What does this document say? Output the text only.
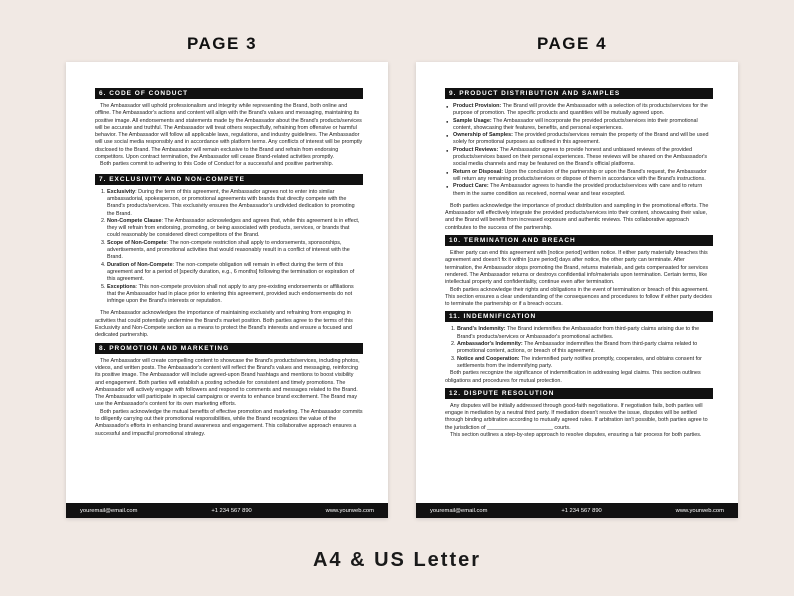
PAGE 3	PAGE 4
6. CODE OF CONDUCT

The Ambassador will uphold professionalism and integrity while representing the Brand, both online and offline. The Ambassador's actions and content will align with the Brand's values and messaging, maintaining its positive image. All endorsements and statements made by the Ambassador about the Brand's products/services will be accurate and truthful. The Ambassador will treat others respectfully, refraining from offensive or harmful behavior. The Ambassador will follow all applicable laws, regulations, and industry guidelines. The Ambassador will use social media responsibly and in accordance with platform terms. Any conflicts of interest will be promptly disclosed to the Brand. The Ambassador will remain exclusive to the Brand and refrain from endorsing competitors. Upon contract termination, the Ambassador will cease Brand-related activities promptly.

Both parties commit to adhering to this Code of Conduct for a successful and positive partnership.

7. EXCLUSIVITY AND NON-COMPETE
1. Exclusivity: During the term of this agreement, the Ambassador agrees not to enter into similar ambassadorial, spokesperson, or promotional agreements with brands that directly compete with the Brand's products/services. This exclusivity ensures the Ambassador's undivided dedication to promoting the Brand.
2. Non-Compete Clause: The Ambassador acknowledges and agrees that, while this agreement is in effect, they will refrain from endorsing, promoting, or being associated with products, services, or brands that could reasonably be considered direct competitors of the Brand.
3. Scope of Non-Compete: The non-compete restriction shall apply to endorsements, sponsorships, advertisements, and promotional activities that would reasonably result in a conflict of interest with the Brand.
4. Duration of Non-Compete: The non-compete obligation will remain in effect during the term of this agreement and for a period of [specify duration, e.g., 6 months] following the termination or expiration of this agreement.
5. Exceptions: This non-compete provision shall not apply to any pre-existing endorsements or affiliations that the Ambassador had in place prior to entering this agreement, provided such endorsements do not infringe upon the Brand's interests or reputation.

The Ambassador acknowledges the importance of maintaining exclusivity and refraining from engaging in activities that could potentially undermine the Brand's market position. Both parties agree to the terms of this Exclusivity and Non-Compete section as a means to protect the Brand's interests and ensure a focused and dedicated partnership.

8. PROMOTION AND MARKETING

The Ambassador will create compelling content to showcase the Brand's products/services, including photos, videos, and written posts. The Ambassador's content will reflect the Brand's values and messaging, reinforcing its positive image. The Ambassador will include agreed-upon Brand hashtags and mentions to boost visibility and engagement. Both parties will establish a posting schedule for consistent and timely promotions. The Ambassador will actively engage with followers and respond to comments and messages related to the Brand. The Ambassador will participate in special campaigns or events to enhance brand excitement. The Brand may use the Ambassador's content for its own marketing efforts.

Both parties acknowledge the mutual benefits of effective promotion and marketing. The Ambassador commits to diligently carrying out their promotional responsibilities, while the Brand recognizes the value of the Ambassador's efforts in enhancing brand awareness and engagement. This collaborative approach ensures a successful and impactful promotional strategy.

youremail@email.com	+1 234 567 890	www.yourweb.com
9. PRODUCT DISTRIBUTION AND SAMPLES
● Product Provision: The Brand will provide the Ambassador with a selection of its products/services for the purpose of promotion. The specific products and quantities will be mutually agreed upon.
● Sample Usage: The Ambassador will incorporate the provided products/services into their promotional content, showcasing their features, benefits, and personal experiences.
● Ownership of Samples: The provided products/services remain the property of the Brand and will be used solely for promotional purposes as outlined in this agreement.
● Product Reviews: The Ambassador agrees to provide honest and unbiased reviews of the provided products/services based on their personal experiences. These reviews will be shared on the Ambassador's social media channels and may be featured on the Brand's official platforms.
● Return or Disposal: Upon the conclusion of the partnership or upon the Brand's request, the Ambassador will return any remaining products/services or dispose of them in accordance with the Brand's instructions.
● Product Care: The Ambassador agrees to handle the provided products/services with care and to return them in the same condition as received, normal wear and tear excepted.

Both parties acknowledge the importance of product distribution and sampling in the promotional efforts. The Ambassador will effectively integrate the provided products/services into their content, showcasing their value, and the Brand will benefit from increased exposure and authentic reviews. This collaborative approach contributes to the success of the partnership.

10. TERMINATION AND BREACH

Either party can end this agreement with [notice period] written notice. If either party materially breaches this agreement and doesn't fix it within [cure period] days after notice, the other party can terminate. After termination, the Ambassador stops promoting the Brand, returns materials, and gets compensated for services rendered. The Ambassador returns or destroys confidential info/materials upon termination. Certain terms, like intellectual property and confidentiality, continue even after termination.

Both parties acknowledge their rights and obligations in the event of termination or breach of this agreement. This section ensures a clear understanding of the consequences and procedures to follow if either party decides to terminate the partnership or if a breach occurs.

11. INDEMNIFICATION
1. Brand's Indemnity: The Brand indemnifies the Ambassador from third-party claims arising due to the Brand's products/services or Ambassador's promotional activities.
2. Ambassador's Indemnity: The Ambassador indemnifies the Brand from third-party claims related to promotional content, actions, or breach of this agreement.
3. Notice and Cooperation: The indemnified party notifies promptly, cooperates, and obtains consent for settlements from the indemnifying party.

Both parties recognize the significance of indemnification in addressing legal claims. This section outlines obligations and procedures for mutual protection.

12. DISPUTE RESOLUTION

Any disputes will be initially addressed through good-faith negotiations. If negotiation fails, both parties will engage in mediation by a neutral third party. If mediation doesn't resolve the issue, disputes will be settled through binding arbitration according to mutually agreed rules. If arbitration isn't possible, both parties agree to the jurisdiction of ______________________ courts.

This section outlines a step-by-step approach to resolve disputes, ensuring a fair process for both parties.

youremail@email.com	+1 234 567 890	www.yourweb.com
A4 & US Letter
